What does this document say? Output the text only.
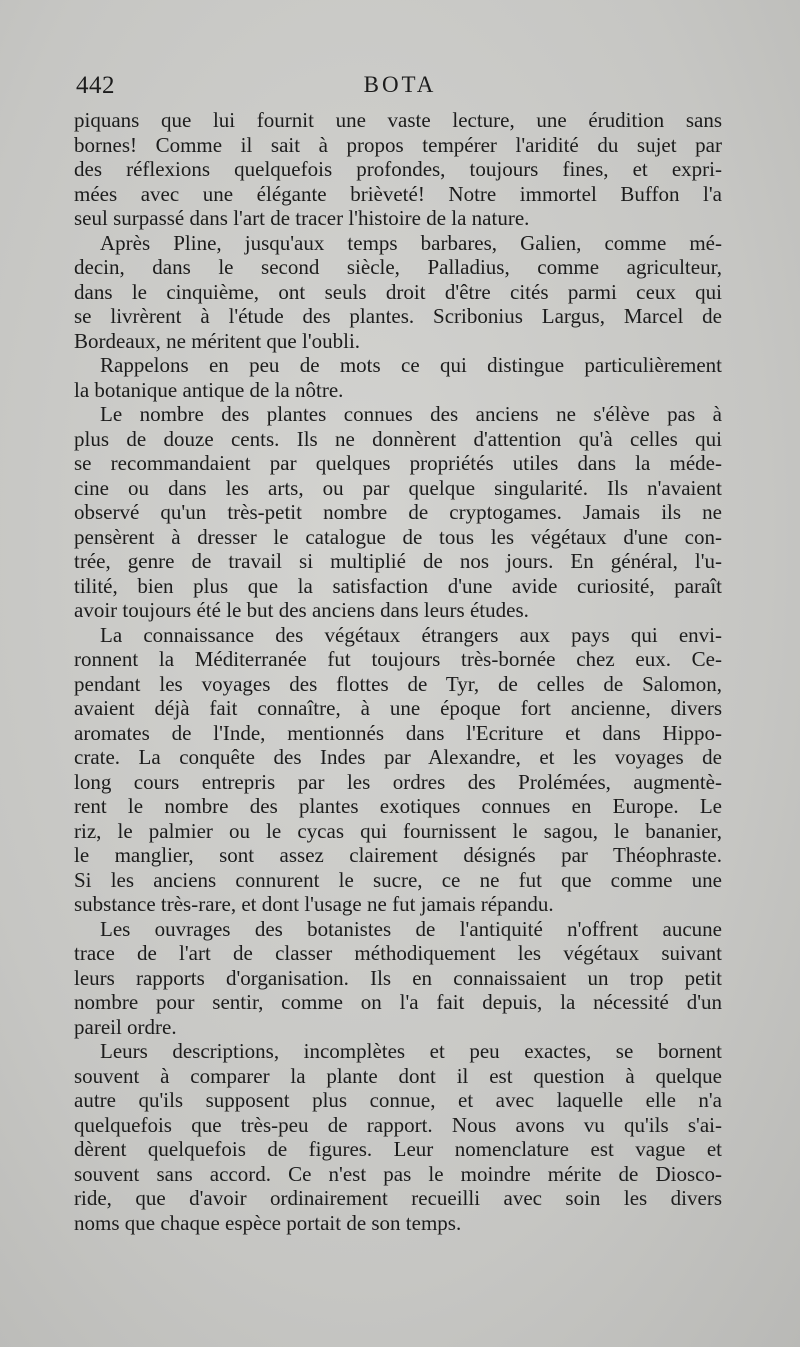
442	BOTA

piquans que lui fournit une vaste lecture, une érudition sans
bornes! Comme il sait à propos tempérer l'aridité du sujet par
des réflexions quelquefois profondes, toujours fines, et expri-
mées avec une élégante brièveté! Notre immortel Buffon l'a
seul surpassé dans l'art de tracer l'histoire de la nature.

Après Pline, jusqu'aux temps barbares, Galien, comme mé-
decin, dans le second siècle, Palladius, comme agriculteur,
dans le cinquième, ont seuls droit d'être cités parmi ceux qui
se livrèrent à l'étude des plantes. Scribonius Largus, Marcel de
Bordeaux, ne méritent que l'oubli.

Rappelons en peu de mots ce qui distingue particulièrement
la botanique antique de la nôtre.

Le nombre des plantes connues des anciens ne s'élève pas à
plus de douze cents. Ils ne donnèrent d'attention qu'à celles qui
se recommandaient par quelques propriétés utiles dans la méde-
cine ou dans les arts, ou par quelque singularité. Ils n'avaient
observé qu'un très-petit nombre de cryptogames. Jamais ils ne
pensèrent à dresser le catalogue de tous les végétaux d'une con-
trée, genre de travail si multiplié de nos jours. En général, l'u-
tilité, bien plus que la satisfaction d'une avide curiosité, paraît
avoir toujours été le but des anciens dans leurs études.

La connaissance des végétaux étrangers aux pays qui envi-
ronnent la Méditerranée fut toujours très-bornée chez eux. Ce-
pendant les voyages des flottes de Tyr, de celles de Salomon,
avaient déjà fait connaître, à une époque fort ancienne, divers
aromates de l'Inde, mentionnés dans l'Ecriture et dans Hippo-
crate. La conquête des Indes par Alexandre, et les voyages de
long cours entrepris par les ordres des Prolémées, augmentè-
rent le nombre des plantes exotiques connues en Europe. Le
riz, le palmier ou le cycas qui fournissent le sagou, le bananier,
le manglier, sont assez clairement désignés par Théophraste.
Si les anciens connurent le sucre, ce ne fut que comme une
substance très-rare, et dont l'usage ne fut jamais répandu.

Les ouvrages des botanistes de l'antiquité n'offrent aucune
trace de l'art de classer méthodiquement les végétaux suivant
leurs rapports d'organisation. Ils en connaissaient un trop petit
nombre pour sentir, comme on l'a fait depuis, la nécessité d'un
pareil ordre.

Leurs descriptions, incomplètes et peu exactes, se bornent
souvent à comparer la plante dont il est question à quelque
autre qu'ils supposent plus connue, et avec laquelle elle n'a
quelquefois que très-peu de rapport. Nous avons vu qu'ils s'ai-
dèrent quelquefois de figures. Leur nomenclature est vague et
souvent sans accord. Ce n'est pas le moindre mérite de Diosco-
ride, que d'avoir ordinairement recueilli avec soin les divers
noms que chaque espèce portait de son temps.
